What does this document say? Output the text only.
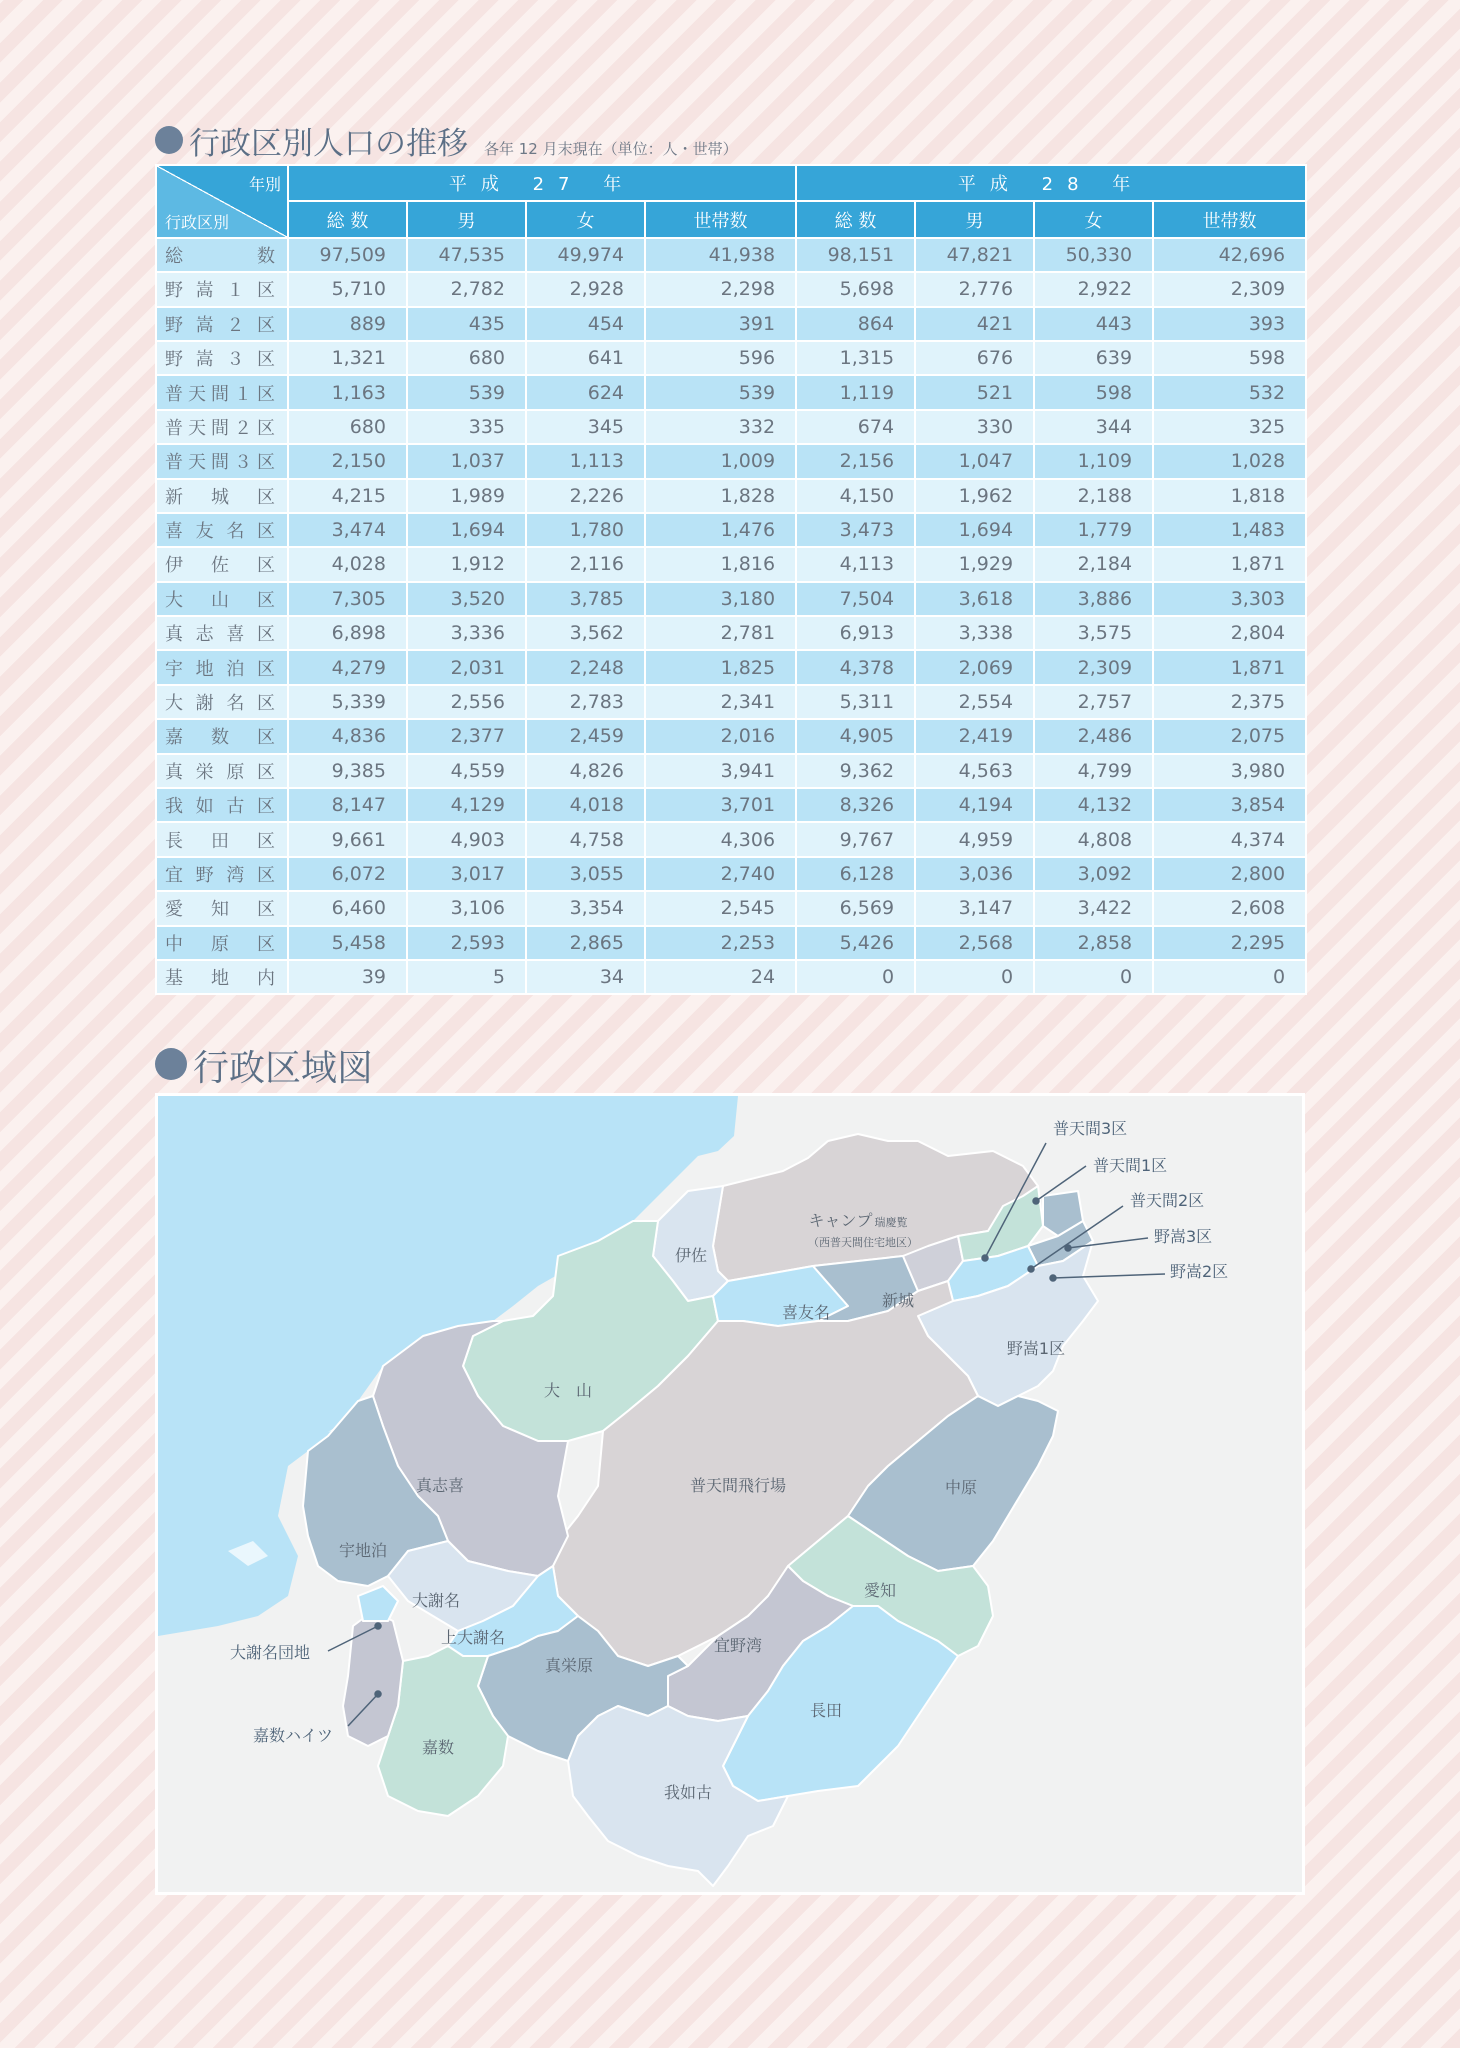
行政区別人口の推移 各年 12 月末現在（単位：人・世帯）
年別
行政区別	平成 27 年				平成 28 年			
	総 数	男	女	世帯数	総 数	男	女	世帯数
総数	97,509	47,535	49,974	41,938	98,151	47,821	50,330	42,696
野嵩１区	5,710	2,782	2,928	2,298	5,698	2,776	2,922	2,309
野嵩２区	889	435	454	391	864	421	443	393
野嵩３区	1,321	680	641	596	1,315	676	639	598
普天間１区	1,163	539	624	539	1,119	521	598	532
普天間２区	680	335	345	332	674	330	344	325
普天間３区	2,150	1,037	1,113	1,009	2,156	1,047	1,109	1,028
新城区	4,215	1,989	2,226	1,828	4,150	1,962	2,188	1,818
喜友名区	3,474	1,694	1,780	1,476	3,473	1,694	1,779	1,483
伊佐区	4,028	1,912	2,116	1,816	4,113	1,929	2,184	1,871
大山区	7,305	3,520	3,785	3,180	7,504	3,618	3,886	3,303
真志喜区	6,898	3,336	3,562	2,781	6,913	3,338	3,575	2,804
宇地泊区	4,279	2,031	2,248	1,825	4,378	2,069	2,309	1,871
大謝名区	5,339	2,556	2,783	2,341	5,311	2,554	2,757	2,375
嘉数区	4,836	2,377	2,459	2,016	4,905	2,419	2,486	2,075
真栄原区	9,385	4,559	4,826	3,941	9,362	4,563	4,799	3,980
我如古区	8,147	4,129	4,018	3,701	8,326	4,194	4,132	3,854
長田区	9,661	4,903	4,758	4,306	9,767	4,959	4,808	4,374
宜野湾区	6,072	3,017	3,055	2,740	6,128	3,036	3,092	2,800
愛知区	6,460	3,106	3,354	2,545	6,569	3,147	3,422	2,608
中原区	5,458	2,593	2,865	2,253	5,426	2,568	2,858	2,295
基地内	39	5	34	24	0	0	0	0
行政区域図
キャンプ 瑞慶覧
（西普天間住宅地区）
伊佐
大　山
喜友名
新城
野嵩1区
普天間飛行場
真志喜
宇地泊
中原
愛知
大謝名
上大謝名	宜野湾
真栄原
長田
嘉数
我如古
普天間3区
普天間1区
普天間2区
野嵩3区
野嵩2区
大謝名団地
嘉数ハイツ
